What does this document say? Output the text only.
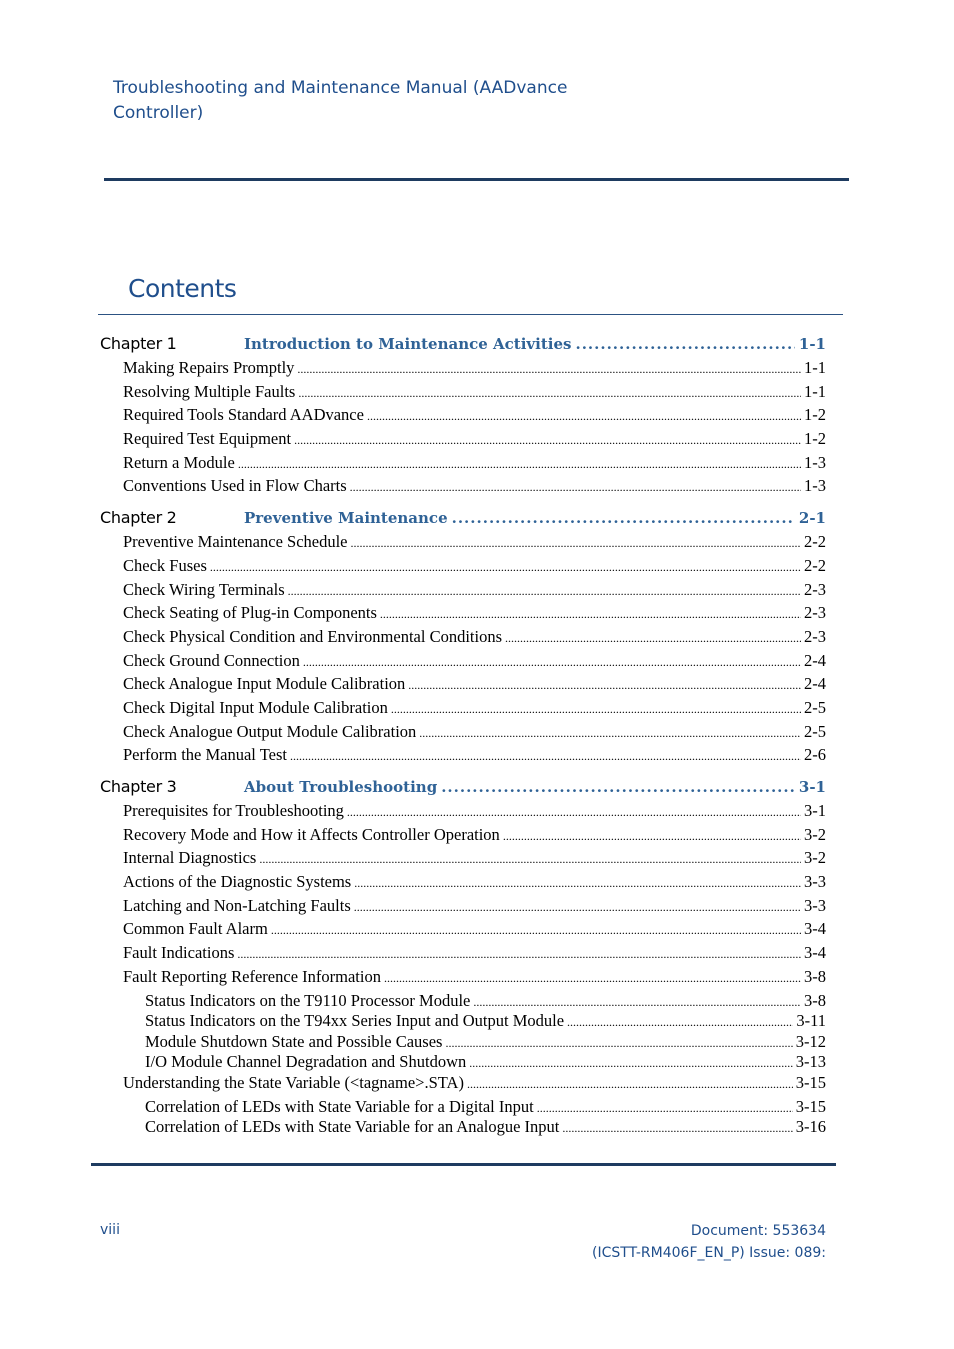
Troubleshooting and Maintenance Manual (AADvance Controller)
Contents
Chapter 1	Introduction to Maintenance Activities .....	1-1
Making Repairs Promptly .....	1-1
Resolving Multiple Faults .....	1-1
Required Tools Standard AADvance .....	1-2
Required Test Equipment .....	1-2
Return a Module .....	1-3
Conventions Used in Flow Charts .....	1-3
Chapter 2	Preventive Maintenance .....	2-1
Preventive Maintenance Schedule .....	2-2
Check Fuses .....	2-2
Check Wiring Terminals .....	2-3
Check Seating of Plug-in Components .....	2-3
Check Physical Condition and Environmental Conditions .....	2-3
Check Ground Connection .....	2-4
Check Analogue Input Module Calibration .....	2-4
Check Digital Input Module Calibration .....	2-5
Check Analogue Output Module Calibration .....	2-5
Perform the Manual Test .....	2-6
Chapter 3	About Troubleshooting .....	3-1
Prerequisites for Troubleshooting .....	3-1
Recovery Mode and How it Affects Controller Operation .....	3-2
Internal Diagnostics .....	3-2
Actions of the Diagnostic Systems .....	3-3
Latching and Non-Latching Faults .....	3-3
Common Fault Alarm .....	3-4
Fault Indications .....	3-4
Fault Reporting Reference Information .....	3-8
Status Indicators on the T9110 Processor Module .....	3-8
Status Indicators on the T94xx Series Input and Output Module .....	3-11
Module Shutdown State and Possible Causes .....	3-12
I/O Module Channel Degradation and Shutdown .....	3-13
Understanding the State Variable (<tagname>.STA) .....	3-15
Correlation of LEDs with State Variable for a Digital Input .....	3-15
Correlation of LEDs with State Variable for an Analogue Input .....	3-16
viii	Document: 553634
(ICSTT-RM406F_EN_P) Issue: 089:
